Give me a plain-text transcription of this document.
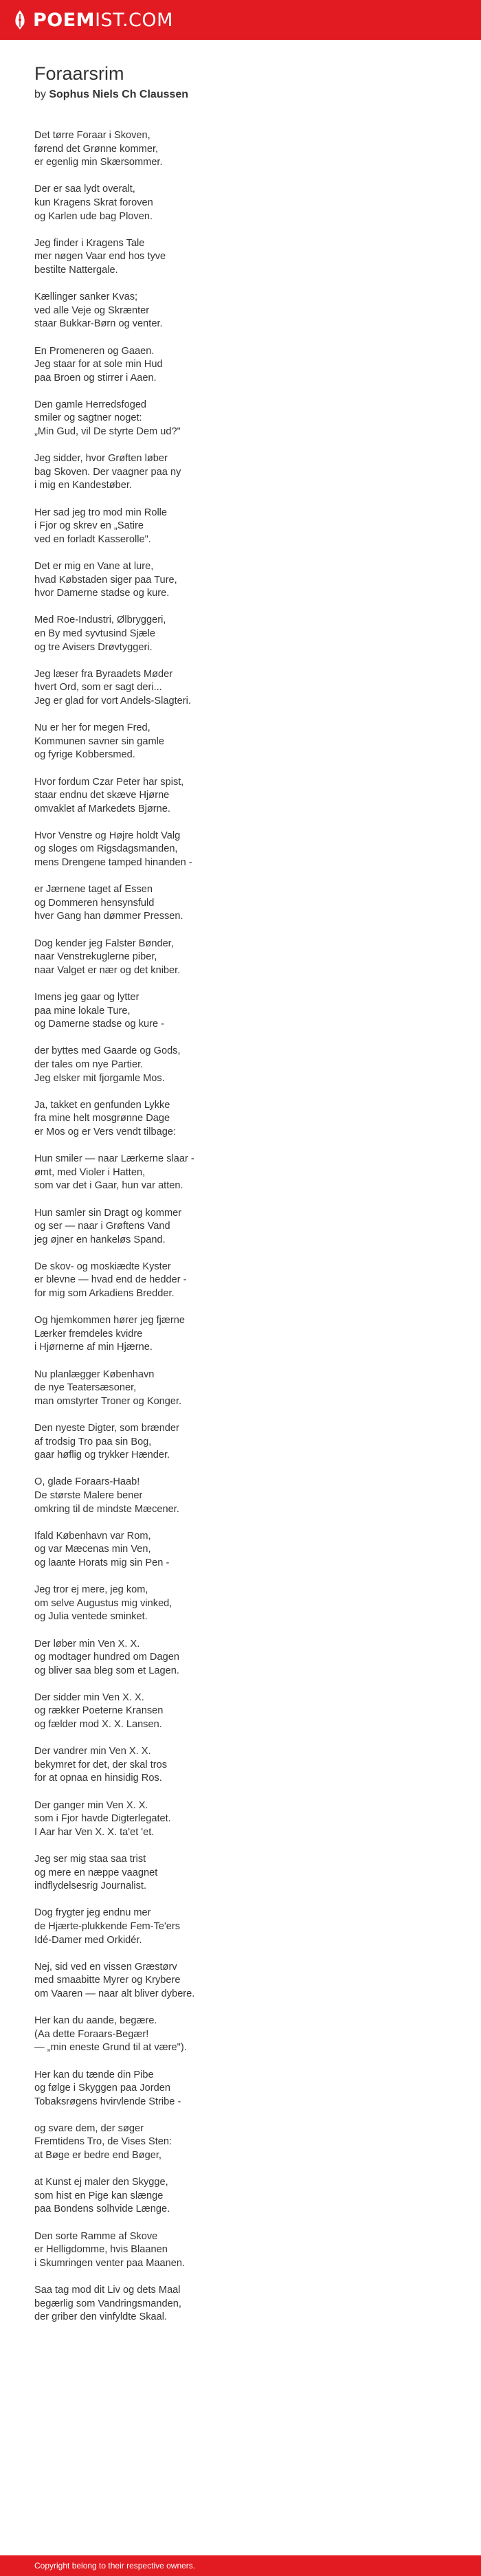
POEMIST.COM
Foraarsrim
by Sophus Niels Ch Claussen

Det tørre Foraar i Skoven,
førend det Grønne kommer,
er egenlig min Skærsommer.

Der er saa lydt overalt,
kun Kragens Skrat foroven
og Karlen ude bag Ploven.

Jeg finder i Kragens Tale
mer nøgen Vaar end hos tyve
bestilte Nattergale.

Kællinger sanker Kvas;
ved alle Veje og Skrænter
staar Bukkar-Børn og venter.

En Promeneren og Gaaen.
Jeg staar for at sole min Hud
paa Broen og stirrer i Aaen.

Den gamle Herredsfoged
smiler og sagtner noget:
„Min Gud, vil De styrte Dem ud?"

Jeg sidder, hvor Grøften løber
bag Skoven. Der vaagner paa ny
i mig en Kandestøber.

Her sad jeg tro mod min Rolle
i Fjor og skrev en „Satire
ved en forladt Kasserolle".

Det er mig en Vane at lure,
hvad Købstaden siger paa Ture,
hvor Damerne stadse og kure.

Med Roe-Industri, Ølbryggeri,
en By med syvtusind Sjæle
og tre Avisers Drøvtyggeri.

Jeg læser fra Byraadets Møder
hvert Ord, som er sagt deri...
Jeg er glad for vort Andels-Slagteri.

Nu er her for megen Fred,
Kommunen savner sin gamle
og fyrige Kobbersmed.

Hvor fordum Czar Peter har spist,
staar endnu det skæve Hjørne
omvaklet af Markedets Bjørne.

Hvor Venstre og Højre holdt Valg
og sloges om Rigsdagsmanden,
mens Drengene tamped hinanden -

er Jærnene taget af Essen
og Dommeren hensynsfuld
hver Gang han dømmer Pressen.

Dog kender jeg Falster Bønder,
naar Venstrekuglerne piber,
naar Valget er nær og det kniber.

Imens jeg gaar og lytter
paa mine lokale Ture,
og Damerne stadse og kure -

der byttes med Gaarde og Gods,
der tales om nye Partier.
Jeg elsker mit fjorgamle Mos.

Ja, takket en genfunden Lykke
fra mine helt mosgrønne Dage
er Mos og er Vers vendt tilbage:

Hun smiler — naar Lærkerne slaar -
ømt, med Violer i Hatten,
som var det i Gaar, hun var atten.

Hun samler sin Dragt og kommer
og ser — naar i Grøftens Vand
jeg øjner en hankeløs Spand.

De skov- og moskiædte Kyster
er blevne — hvad end de hedder -
for mig som Arkadiens Bredder.

Og hjemkommen hører jeg fjærne
Lærker fremdeles kvidre
i Hjørnerne af min Hjærne.

Nu planlægger København
de nye Teatersæsoner,
man omstyrter Troner og Konger.

Den nyeste Digter, som brænder
af trodsig Tro paa sin Bog,
gaar høflig og trykker Hænder.

O, glade Foraars-Haab!
De største Malere bener
omkring til de mindste Mæcener.

Ifald København var Rom,
og var Mæcenas min Ven,
og laante Horats mig sin Pen -

Jeg tror ej mere, jeg kom,
om selve Augustus mig vinked,
og Julia ventede sminket.

Der løber min Ven X. X.
og modtager hundred om Dagen
og bliver saa bleg som et Lagen.

Der sidder min Ven X. X.
og rækker Poeterne Kransen
og fælder mod X. X. Lansen.

Der vandrer min Ven X. X.
bekymret for det, der skal tros
for at opnaa en hinsidig Ros.

Der ganger min Ven X. X.
som i Fjor havde Digterlegatet.
I Aar har Ven X. X. ta'et 'et.

Jeg ser mig staa saa trist
og mere en næppe vaagnet
indflydelsesrig Journalist.

Dog frygter jeg endnu mer
de Hjærte-plukkende Fem-Te'ers
Idé-Damer med Orkidér.

Nej, sid ved en vissen Græstørv
med smaabitte Myrer og Krybere
om Vaaren — naar alt bliver dybere.

Her kan du aande, begære.
(Aa dette Foraars-Begær!
— „min eneste Grund til at være").

Her kan du tænde din Pibe
og følge i Skyggen paa Jorden
Tobaksrøgens hvirvlende Stribe -

og svare dem, der søger
Fremtidens Tro, de Vises Sten:
at Bøge er bedre end Bøger,

at Kunst ej maler den Skygge,
som hist en Pige kan slænge
paa Bondens solhvide Længe.

Den sorte Ramme af Skove
er Helligdomme, hvis Blaanen
i Skumringen venter paa Maanen.

Saa tag mod dit Liv og dets Maal
begærlig som Vandringsmanden,
der griber den vinfyldte Skaal.

Copyright belong to their respective owners.
